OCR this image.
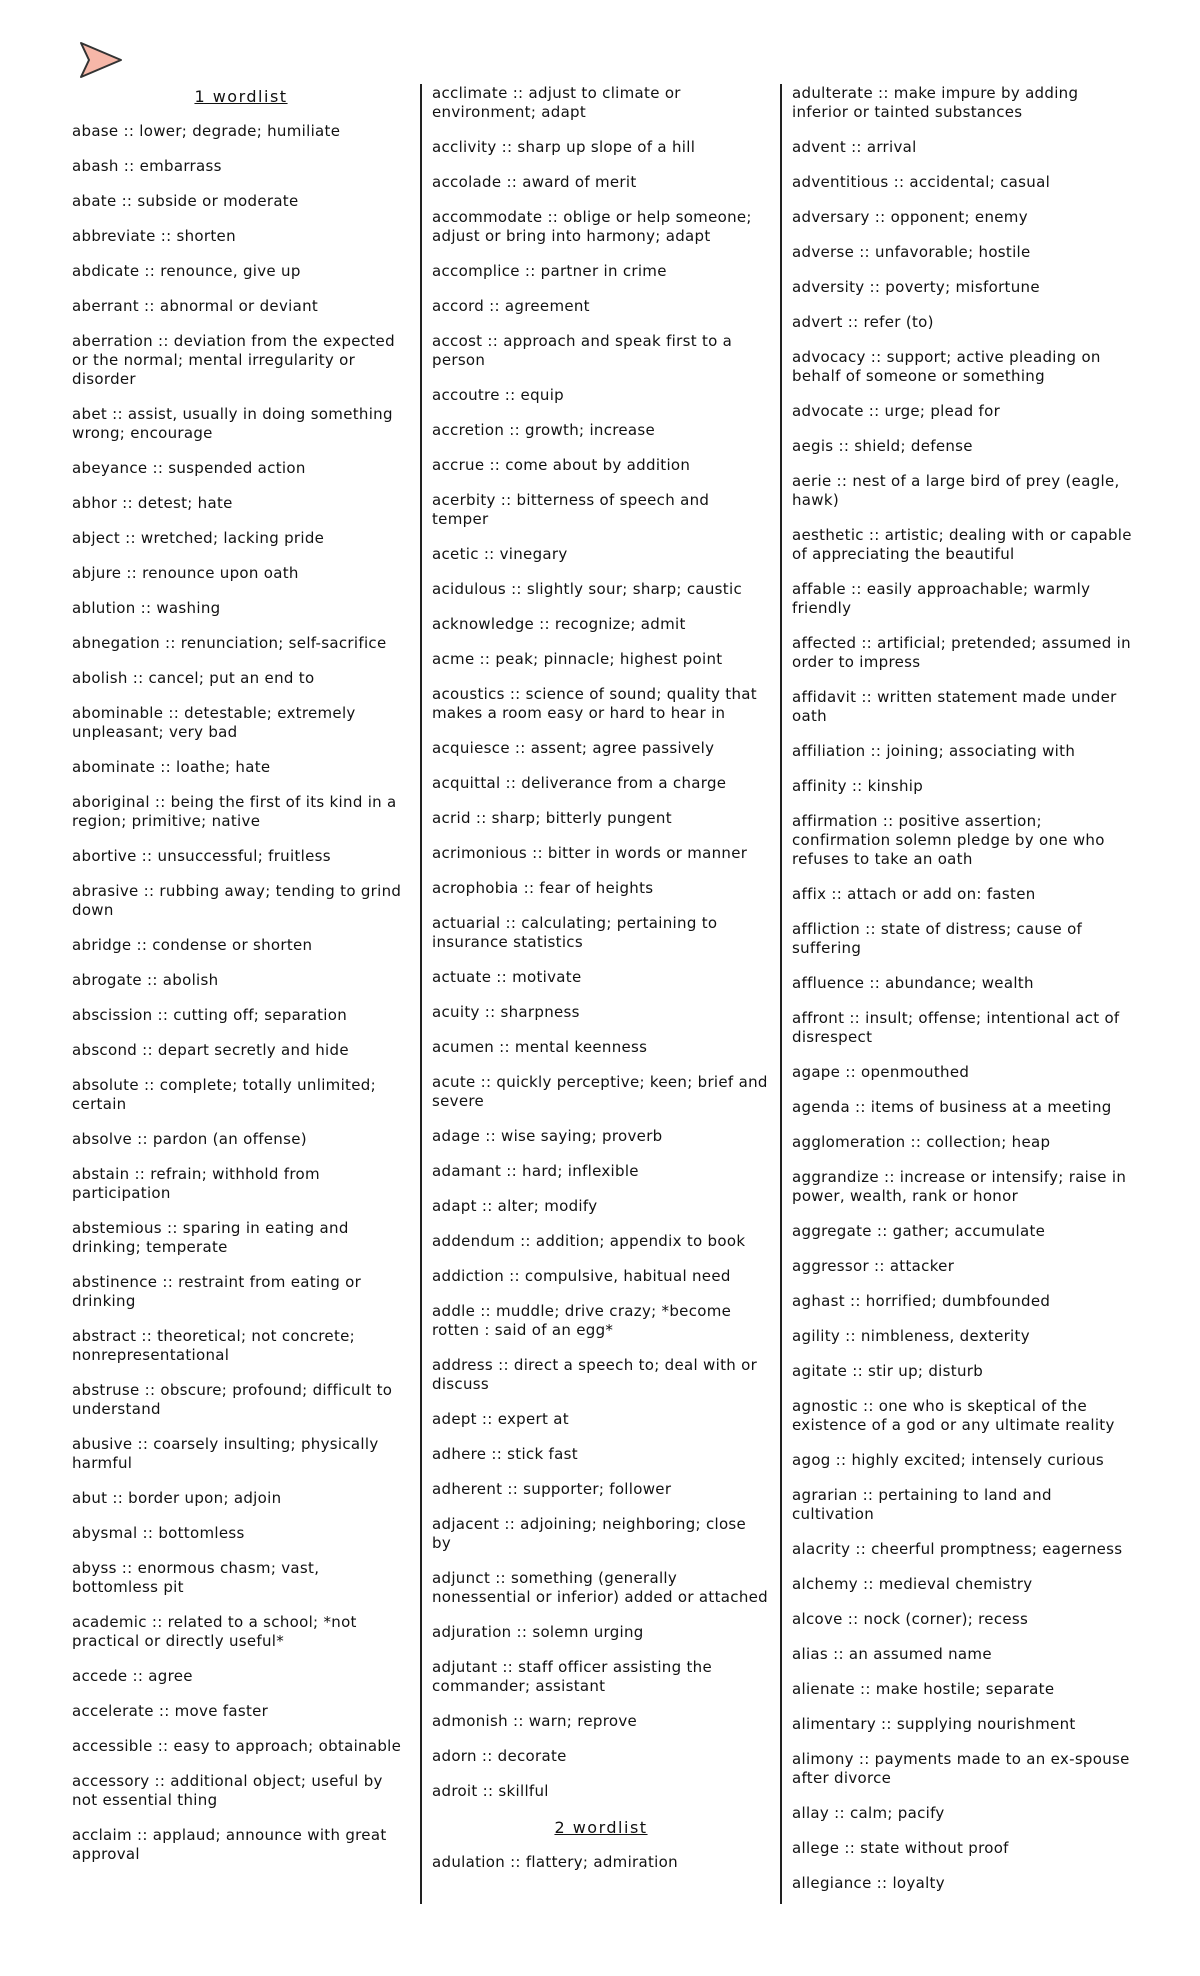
1 wordlist
abase :: lower; degrade; humiliate
abash :: embarrass
abate :: subside or moderate
abbreviate :: shorten
abdicate :: renounce, give up
aberrant :: abnormal or deviant
aberration :: deviation from the expected or the normal; mental irregularity or disorder
abet :: assist, usually in doing something wrong; encourage
abeyance :: suspended action
abhor :: detest; hate
abject :: wretched; lacking pride
abjure :: renounce upon oath
ablution :: washing
abnegation :: renunciation; self-sacrifice
abolish :: cancel; put an end to
abominable :: detestable; extremely unpleasant; very bad
abominate :: loathe; hate
aboriginal :: being the first of its kind in a region; primitive; native
abortive :: unsuccessful; fruitless
abrasive :: rubbing away; tending to grind down
abridge :: condense or shorten
abrogate :: abolish
abscission :: cutting off; separation
abscond :: depart secretly and hide
absolute :: complete; totally unlimited; certain
absolve :: pardon (an offense)
abstain :: refrain; withhold from participation
abstemious :: sparing in eating and drinking; temperate
abstinence :: restraint from eating or drinking
abstract :: theoretical; not concrete; nonrepresentational
abstruse :: obscure; profound; difficult to understand
abusive :: coarsely insulting; physically harmful
abut :: border upon; adjoin
abysmal :: bottomless
abyss :: enormous chasm; vast, bottomless pit
academic :: related to a school; *not practical or directly useful*
accede :: agree
accelerate :: move faster
accessible :: easy to approach; obtainable
accessory :: additional object; useful by not essential thing
acclaim :: applaud; announce with great approval
acclimate :: adjust to climate or environment; adapt
acclivity :: sharp up slope of a hill
accolade :: award of merit
accommodate :: oblige or help someone; adjust or bring into harmony; adapt
accomplice :: partner in crime
accord :: agreement
accost :: approach and speak first to a person
accoutre :: equip
accretion :: growth; increase
accrue :: come about by addition
acerbity :: bitterness of speech and temper
acetic :: vinegary
acidulous :: slightly sour; sharp; caustic
acknowledge :: recognize; admit
acme :: peak; pinnacle; highest point
acoustics :: science of sound; quality that makes a room easy or hard to hear in
acquiesce :: assent; agree passively
acquittal :: deliverance from a charge
acrid :: sharp; bitterly pungent
acrimonious :: bitter in words or manner
acrophobia :: fear of heights
actuarial :: calculating; pertaining to insurance statistics
actuate :: motivate
acuity :: sharpness
acumen :: mental keenness
acute :: quickly perceptive; keen; brief and severe
adage :: wise saying; proverb
adamant :: hard; inflexible
adapt :: alter; modify
addendum :: addition; appendix to book
addiction :: compulsive, habitual need
addle :: muddle; drive crazy; *become rotten : said of an egg*
address :: direct a speech to; deal with or discuss
adept :: expert at
adhere :: stick fast
adherent :: supporter; follower
adjacent :: adjoining; neighboring; close by
adjunct :: something (generally nonessential or inferior) added or attached
adjuration :: solemn urging
adjutant :: staff officer assisting the commander; assistant
admonish :: warn; reprove
adorn :: decorate
adroit :: skillful
2 wordlist
adulation :: flattery; admiration
adulterate :: make impure by adding inferior or tainted substances
advent :: arrival
adventitious :: accidental; casual
adversary :: opponent; enemy
adverse :: unfavorable; hostile
adversity :: poverty; misfortune
advert :: refer (to)
advocacy :: support; active pleading on behalf of someone or something
advocate :: urge; plead for
aegis :: shield; defense
aerie :: nest of a large bird of prey (eagle, hawk)
aesthetic :: artistic; dealing with or capable of appreciating the beautiful
affable :: easily approachable; warmly friendly
affected :: artificial; pretended; assumed in order to impress
affidavit :: written statement made under oath
affiliation :: joining; associating with
affinity :: kinship
affirmation :: positive assertion; confirmation solemn pledge by one who refuses to take an oath
affix :: attach or add on: fasten
affliction :: state of distress; cause of suffering
affluence :: abundance; wealth
affront :: insult; offense; intentional act of disrespect
agape :: openmouthed
agenda :: items of business at a meeting
agglomeration :: collection; heap
aggrandize :: increase or intensify; raise in power, wealth, rank or honor
aggregate :: gather; accumulate
aggressor :: attacker
aghast :: horrified; dumbfounded
agility :: nimbleness, dexterity
agitate :: stir up; disturb
agnostic :: one who is skeptical of the existence of a god or any ultimate reality
agog :: highly excited; intensely curious
agrarian :: pertaining to land and cultivation
alacrity :: cheerful promptness; eagerness
alchemy :: medieval chemistry
alcove :: nock (corner); recess
alias :: an assumed name
alienate :: make hostile; separate
alimentary :: supplying nourishment
alimony :: payments made to an ex-spouse after divorce
allay :: calm; pacify
allege :: state without proof
allegiance :: loyalty
